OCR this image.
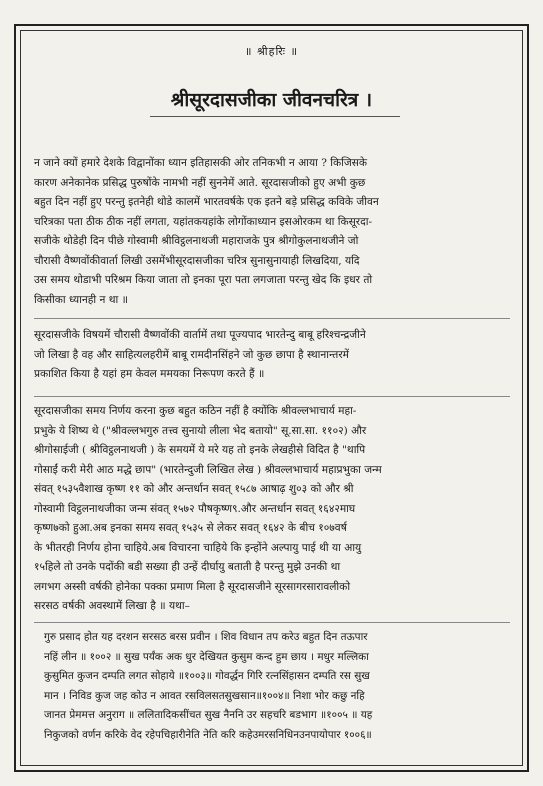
॥ श्रीहरिः ॥
श्रीसूरदासजीका जीवनचरित्र ।
न जाने क्यों हमारे देशके विद्वानोंका ध्यान इतिहासकी ओर तनिकभी न आया ? किजिसके
कारण अनेकानेक प्रसिद्ध पुरुषोंके नामभी नहीं सुननेमें आते. सूरदासजीको हुए अभी कुछ
बहुत दिन नहीं हुए परन्तु इतनेही थोडे कालमें भारतवर्षके एक इतने बड़े प्रसिद्ध कविके जीवन
चरित्रका पता ठीक ठीक नहीं लगता, यहांतकयहांके लोगोंकाध्यान इसओरकम था किसूरदा-
सजीके थोडेही दिन पीछे गोस्वामी श्रीविट्ठलनाथजी महाराजके पुत्र श्रीगोकुलनाथजीने जो
चौरासी वैष्णवोंकीवार्ता लिखी उसमेंभीसूरदासजीका चरित्र सुनासुनायाही लिखदिया, यदि
उस समय थोडाभी परिश्रम किया जाता तो इनका पूरा पता लगजाता परन्तु खेद कि इधर तो
किसीका ध्यानही न था ॥
सूरदासजीके विषयमें चौरासी वैष्णवोंकी वार्तामें तथा पूज्यपाद भारतेन्दु बाबू हरिश्चन्द्रजीने
जो लिखा है वह और साहित्यलहरीमें बाबू रामदीनसिंहने जो कुछ छापा है स्थानान्तरमें
प्रकाशित किया है यहां हम केवल ममयका निरूपण करते हैं ॥
सूरदासजीका समय निर्णय करना कुछ बहुत कठिन नहीं है क्योंकि श्रीवल्लभाचार्य महा-
प्रभुके ये शिष्य थे ("श्रीवल्लभगुरु तत्त्व सुनायो लीला भेद बतायो" सू.सा.सा. ११०२) और
श्रीगोसाईजी ( श्रीविट्ठलनाथजी ) के समयमें ये मरे यह तो इनके लेखहीसे विदित है "थापि
गोसाईं करी मेरी आठ मद्धे छाप" (भारतेन्दुजी लिखित लेख ) श्रीवल्लभाचार्य महाप्रभुका जन्म
संवत् १५३५वैशाख कृष्ण ११ को और अन्तर्धान सवत् १५८७ आषाढ़ शु०३ को और श्री
गोस्वामी विट्ठलनाथजीका जन्म संवत् १५७२ पौषकृष्ण९.और अन्तर्धान सवत् १६४२माघ
कृष्ण७को हुआ.अब इनका समय सवत् १५३५ से लेकर सवत् १६४२ के बीच १०७वर्ष
के भीतरही निर्णय होना चाहिये.अब विचारना चाहिये कि इन्होंने अल्पायु पाई थी या आयु
१५हिले तो उनके पदोंकी बडी सख्या ही उन्हें दीर्घायु बताती है परन्तु मुझे उनकी था
लगभग अस्सी वर्षकी होनेका पक्का प्रमाण मिला है सूरदासजीने सूरसागरसारावलीको
सरसठ वर्षकी अवस्थामें लिखा है ॥ यथा–
गुरु प्रसाद होत यह दरशन सरसठ बरस प्रवीन । शिव विधान तप करेउ बहुत दिन तऊपार
नहिं लीन ॥ १००२ ॥ सुख पर्यंक अक धुर देखियत कुसुम कन्द हुम छाय । मधुर मल्लिका
कुसुमित कुजन दम्पति लगत सोहाये ॥१००३॥ गोवर्द्धन गिरि रत्नसिंहासन दम्पति रस सुख
मान । निविड कुज जह कोउ न आवत रसविलसतसुखसान॥१००४॥ निशा भोर कछु नहि
जानत प्रेममत्त अनुराग ॥ ललितादिकसींचत सुख नैननि उर सहचरि बडभाग ॥१००५ ॥ यह
निकुजको वर्णन करिके वेद रहेपचिहारीनेति नेति करि कहेउमरसनिधिनउनपायोपार १००६॥
